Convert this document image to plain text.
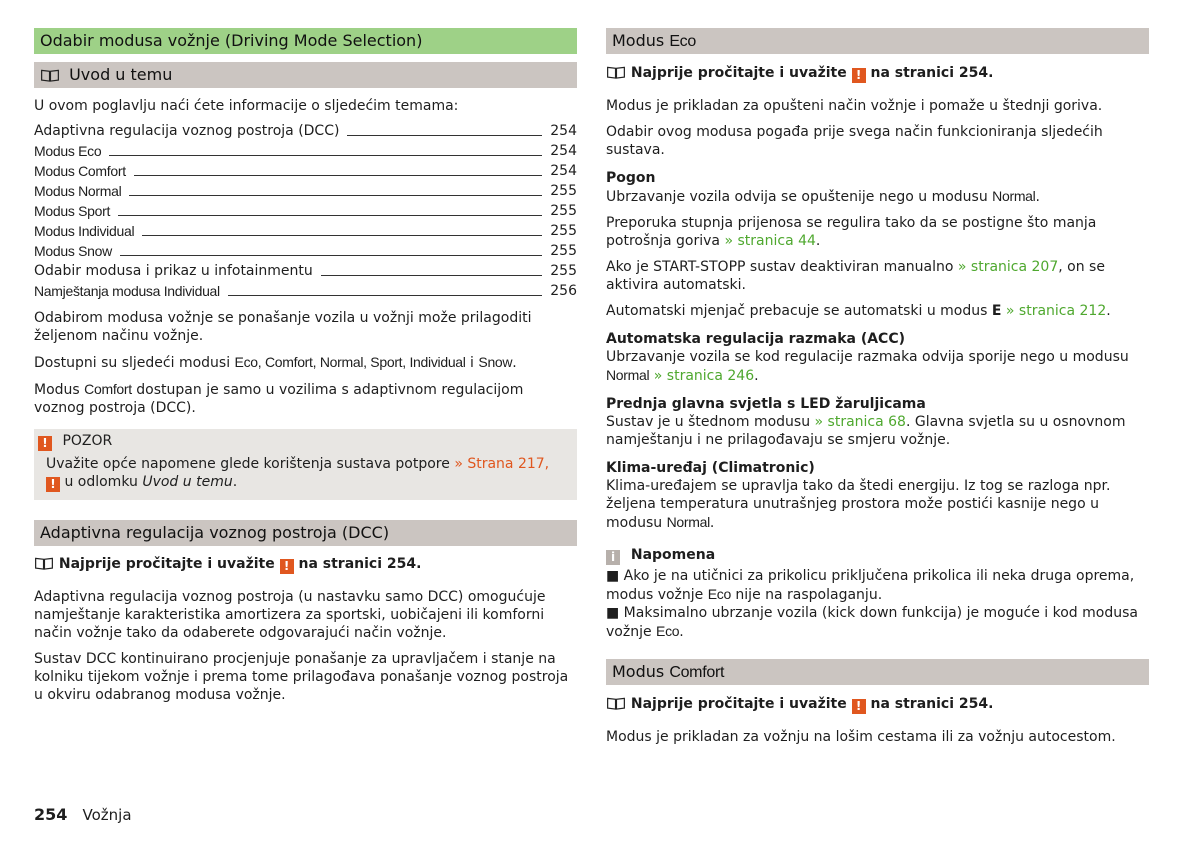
Odabir modusa vožnje (Driving Mode Selection)
Uvod u temu

U ovom poglavlju naći ćete informacije o sljedećim temama:

Adaptivna regulacija voznog postroja (DCC)	254
Modus Eco	254
Modus Comfort	254
Modus Normal	255
Modus Sport	255
Modus Individual	255
Modus Snow	255
Odabir modusa i prikaz u infotainmentu	255
Namještanja modusa Individual	256

Odabirom modusa vožnje se ponašanje vozila u vožnji može prilagoditi željenom načinu vožnje.

Dostupni su sljedeći modusi Eco, Comfort, Normal, Sport, Individual i Snow.

Modus Comfort dostupan je samo u vozilima s adaptivnom regulacijom voznog postroja (DCC).

! POZOR

Uvažite opće napomene glede korištenja sustava potpore » Strana 217, ! u odlomku Uvod u temu.

Adaptivna regulacija voznog postroja (DCC)

Najprije pročitajte i uvažite ! na stranici 254.

Adaptivna regulacija voznog postroja (u nastavku samo DCC) omogućuje namještanje karakteristika amortizera za sportski, uobičajeni ili komforni način vožnje tako da odaberete odgovarajući način vožnje.

Sustav DCC kontinuirano procjenjuje ponašanje za upravljačem i stanje na kolniku tijekom vožnje i prema tome prilagođava ponašanje voznog postroja u okviru odabranog modusa vožnje.

Modus Eco

Najprije pročitajte i uvažite ! na stranici 254.

Modus je prikladan za opušteni način vožnje i pomaže u štednji goriva.

Odabir ovog modusa pogađa prije svega način funkcioniranja sljedećih sustava.

Pogon

Ubrzavanje vozila odvija se opuštenije nego u modusu Normal.

Preporuka stupnja prijenosa se regulira tako da se postigne što manja potrošnja goriva » stranica 44.

Ako je START-STOPP sustav deaktiviran manualno » stranica 207, on se aktivira automatski.

Automatski mjenjač prebacuje se automatski u modus E » stranica 212.

Automatska regulacija razmaka (ACC)

Ubrzavanje vozila se kod regulacije razmaka odvija sporije nego u modusu Normal » stranica 246.

Prednja glavna svjetla s LED žaruljicama

Sustav je u štednom modusu » stranica 68. Glavna svjetla su u osnovnom namještanju i ne prilagođavaju se smjeru vožnje.

Klima-uređaj (Climatronic)

Klima-uređajem se upravlja tako da štedi energiju. Iz tog se razloga npr. željena temperatura unutrašnjeg prostora može postići kasnije nego u modusu Normal.

i Napomena

■ Ako je na utičnici za prikolicu priključena prikolica ili neka druga oprema, modus vožnje Eco nije na raspolaganju.

■ Maksimalno ubrzanje vozila (kick down funkcija) je moguće i kod modusa vožnje Eco.

Modus Comfort

Najprije pročitajte i uvažite ! na stranici 254.

Modus je prikladan za vožnju na lošim cestama ili za vožnju autocestom.

254 Vožnja
